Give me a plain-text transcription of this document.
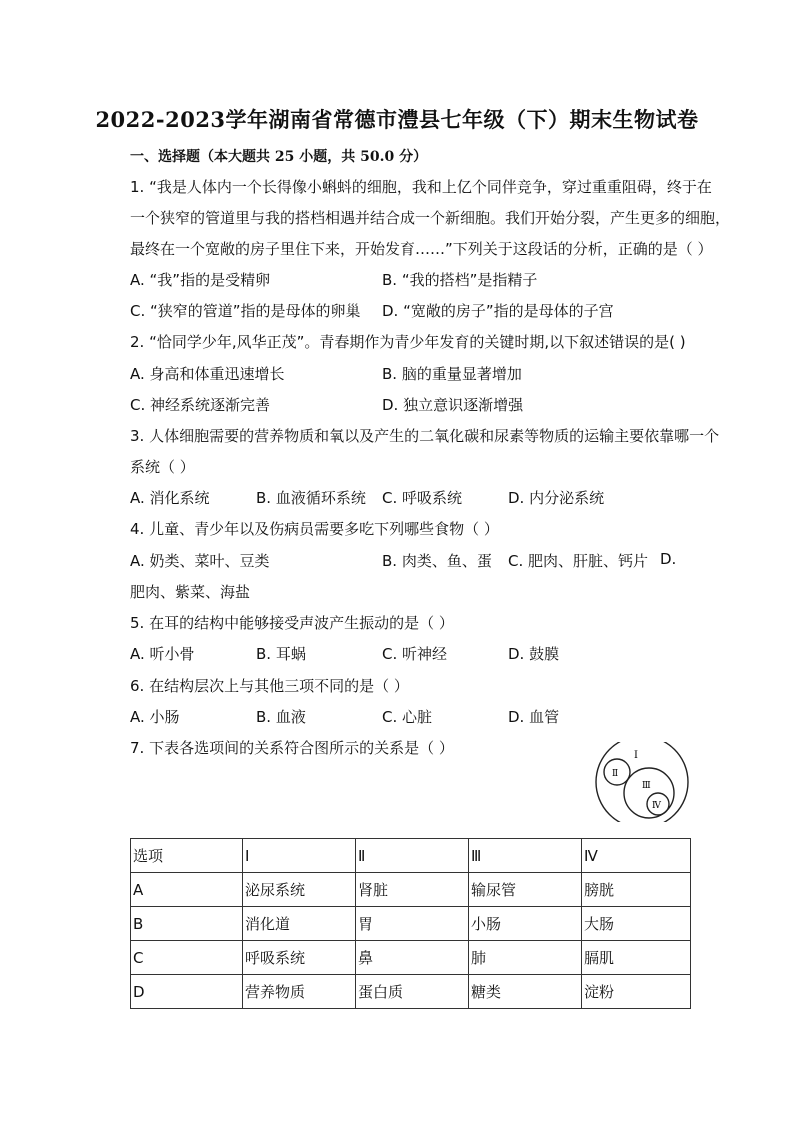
2022-2023学年湖南省常德市澧县七年级（下）期末生物试卷
一、选择题（本大题共 25 小题，共 50.0 分）
1. “我是人体内一个长得像小蝌蚪的细胞，我和上亿个同伴竞争，穿过重重阻碍，终于在
一个狭窄的管道里与我的搭档相遇并结合成一个新细胞。我们开始分裂，产生更多的细胞，
最终在一个宽敞的房子里住下来，开始发育……”下列关于这段话的分析，正确的是（ ）
A. “我”指的是受精卵	B. “我的搭档”是指精子
C. “狭窄的管道”指的是母体的卵巢 D. “宽敞的房子”指的是母体的子宫
2. “恰同学少年,风华正茂”。青春期作为青少年发育的关键时期,以下叙述错误的是( )
A. 身高和体重迅速增长	B. 脑的重量显著增加
C. 神经系统逐渐完善	D. 独立意识逐渐增强
3. 人体细胞需要的营养物质和氧以及产生的二氧化碳和尿素等物质的运输主要依靠哪一个
系统（ ）
A. 消化系统	B. 血液循环系统 C. 呼吸系统	D. 内分泌系统
4. 儿童、青少年以及伤病员需要多吃下列哪些食物（ ）
A. 奶类、菜叶、豆类	B. 肉类、鱼、蛋 C. 肥肉、肝脏、钙片 D.
肥肉、紫菜、海盐
5. 在耳的结构中能够接受声波产生振动的是（ ）
A. 听小骨	B. 耳蜗	C. 听神经	D. 鼓膜
6. 在结构层次上与其他三项不同的是（ ）
A. 小肠	B. 血液	C. 心脏	D. 血管
7. 下表各选项间的关系符合图所示的关系是（ ）	Ⅰ
Ⅱ
Ⅲ
Ⅳ
选项	Ⅰ	Ⅱ	Ⅲ	Ⅳ
A	泌尿系统	肾脏	输尿管	膀胱
B	消化道	胃	小肠	大肠
C	呼吸系统	鼻	肺	膈肌
D	营养物质	蛋白质	糖类	淀粉
